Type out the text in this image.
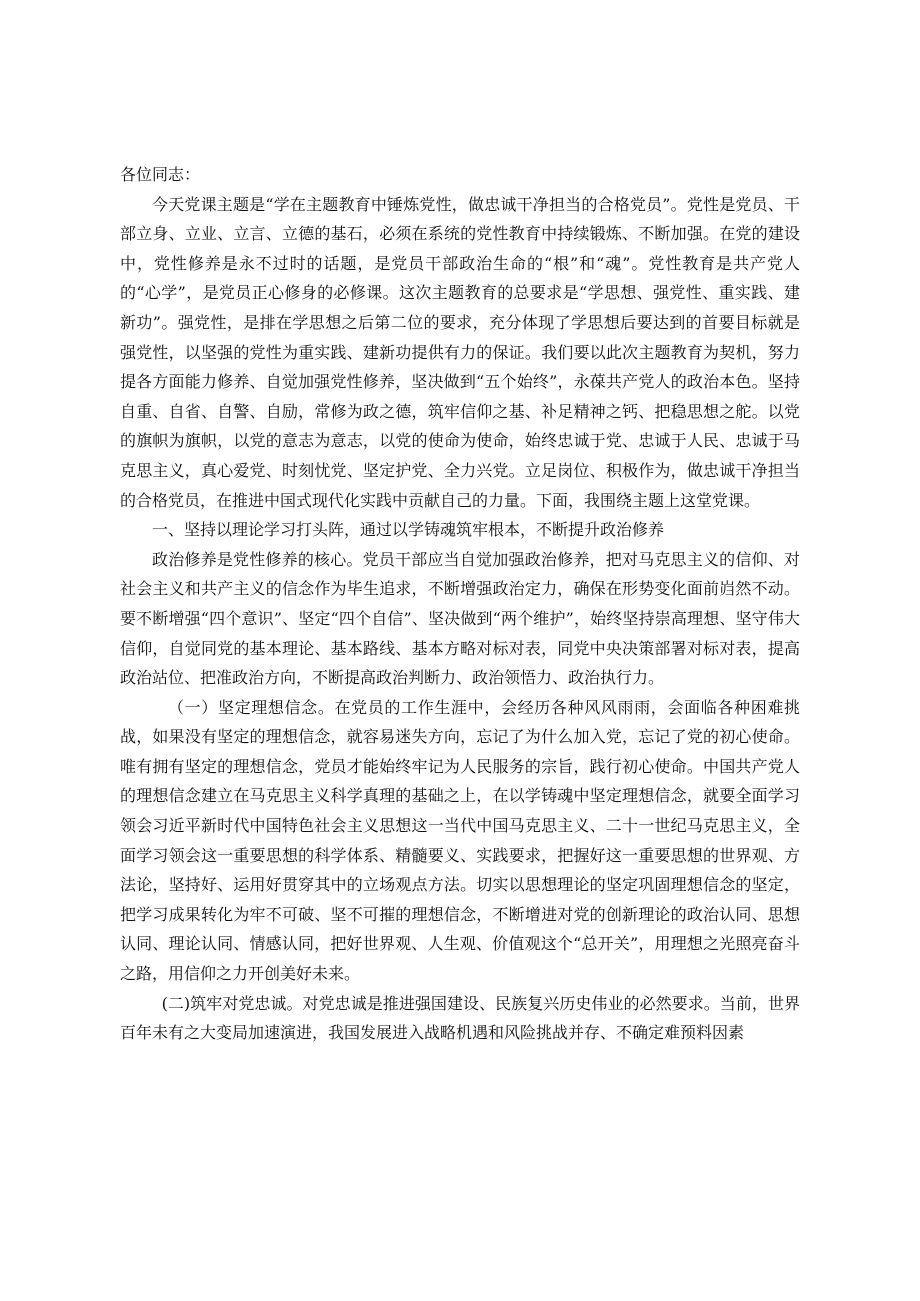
各位同志：

今天党课主题是“学在主题教育中锤炼党性，做忠诚干净担当的合格党员”。党性是党员、干部立身、立业、立言、立德的基石，必须在系统的党性教育中持续锻炼、不断加强。在党的建设中，党性修养是永不过时的话题，是党员干部政治生命的“根”和“魂”。党性教育是共产党人的“心学”，是党员正心修身的必修课。这次主题教育的总要求是“学思想、强党性、重实践、建新功”。强党性，是排在学思想之后第二位的要求，充分体现了学思想后要达到的首要目标就是强党性，以坚强的党性为重实践、建新功提供有力的保证。我们要以此次主题教育为契机，努力提各方面能力修养、自觉加强党性修养，坚决做到“五个始终”，永葆共产党人的政治本色。坚持自重、自省、自警、自励，常修为政之德，筑牢信仰之基、补足精神之钙、把稳思想之舵。以党的旗帜为旗帜，以党的意志为意志，以党的使命为使命，始终忠诚于党、忠诚于人民、忠诚于马克思主义，真心爱党、时刻忧党、坚定护党、全力兴党。立足岗位、积极作为，做忠诚干净担当的合格党员，在推进中国式现代化实践中贡献自己的力量。下面，我围绕主题上这堂党课。

一、坚持以理论学习打头阵，通过以学铸魂筑牢根本，不断提升政治修养

政治修养是党性修养的核心。党员干部应当自觉加强政治修养，把对马克思主义的信仰、对社会主义和共产主义的信念作为毕生追求，不断增强政治定力，确保在形势变化面前岿然不动。要不断增强“四个意识”、坚定“四个自信”、坚决做到“两个维护”，始终坚持崇高理想、坚守伟大信仰，自觉同党的基本理论、基本路线、基本方略对标对表，同党中央决策部署对标对表，提高政治站位、把准政治方向，不断提高政治判断力、政治领悟力、政治执行力。

（一）坚定理想信念。在党员的工作生涯中，会经历各种风风雨雨，会面临各种困难挑战，如果没有坚定的理想信念，就容易迷失方向，忘记了为什么加入党，忘记了党的初心使命。唯有拥有坚定的理想信念，党员才能始终牢记为人民服务的宗旨，践行初心使命。中国共产党人的理想信念建立在马克思主义科学真理的基础之上，在以学铸魂中坚定理想信念，就要全面学习领会习近平新时代中国特色社会主义思想这一当代中国马克思主义、二十一世纪马克思主义，全面学习领会这一重要思想的科学体系、精髓要义、实践要求，把握好这一重要思想的世界观、方法论，坚持好、运用好贯穿其中的立场观点方法。切实以思想理论的坚定巩固理想信念的坚定，把学习成果转化为牢不可破、坚不可摧的理想信念，不断增进对党的创新理论的政治认同、思想认同、理论认同、情感认同，把好世界观、人生观、价值观这个“总开关”，用理想之光照亮奋斗之路，用信仰之力开创美好未来。

(二)筑牢对党忠诚。对党忠诚是推进强国建设、民族复兴历史伟业的必然要求。当前，世界百年未有之大变局加速演进，我国发展进入战略机遇和风险挑战并存、不确定难预料因素
